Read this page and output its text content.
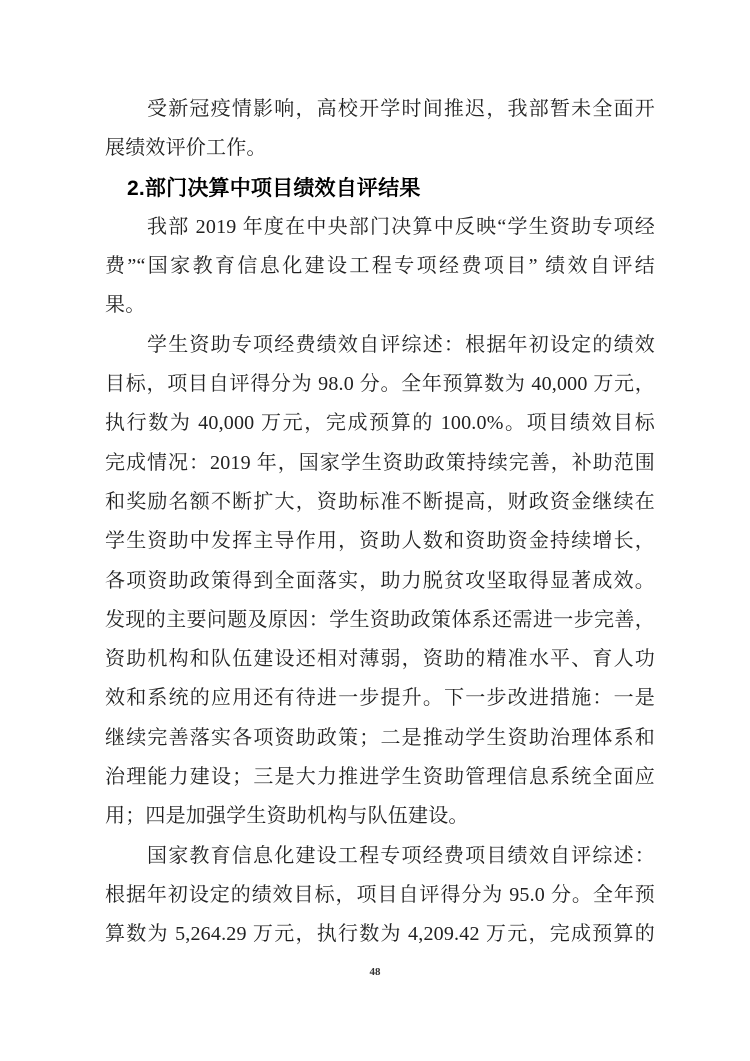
受新冠疫情影响，高校开学时间推迟，我部暂未全面开
展绩效评价工作。
2.部门决算中项目绩效自评结果
我部 2019 年度在中央部门决算中反映“学生资助专项经
费”“国家教育信息化建设工程专项经费项目” 绩效自评结
果。
学生资助专项经费绩效自评综述：根据年初设定的绩效
目标，项目自评得分为 98.0 分。全年预算数为 40,000 万元，
执行数为 40,000 万元，完成预算的 100.0%。项目绩效目标
完成情况：2019 年，国家学生资助政策持续完善，补助范围
和奖励名额不断扩大，资助标准不断提高，财政资金继续在
学生资助中发挥主导作用，资助人数和资助资金持续增长，
各项资助政策得到全面落实，助力脱贫攻坚取得显著成效。
发现的主要问题及原因：学生资助政策体系还需进一步完善，
资助机构和队伍建设还相对薄弱，资助的精准水平、育人功
效和系统的应用还有待进一步提升。下一步改进措施：一是
继续完善落实各项资助政策；二是推动学生资助治理体系和
治理能力建设；三是大力推进学生资助管理信息系统全面应
用；四是加强学生资助机构与队伍建设。
国家教育信息化建设工程专项经费项目绩效自评综述：
根据年初设定的绩效目标，项目自评得分为 95.0 分。全年预
算数为 5,264.29 万元，执行数为 4,209.42 万元，完成预算的
48
